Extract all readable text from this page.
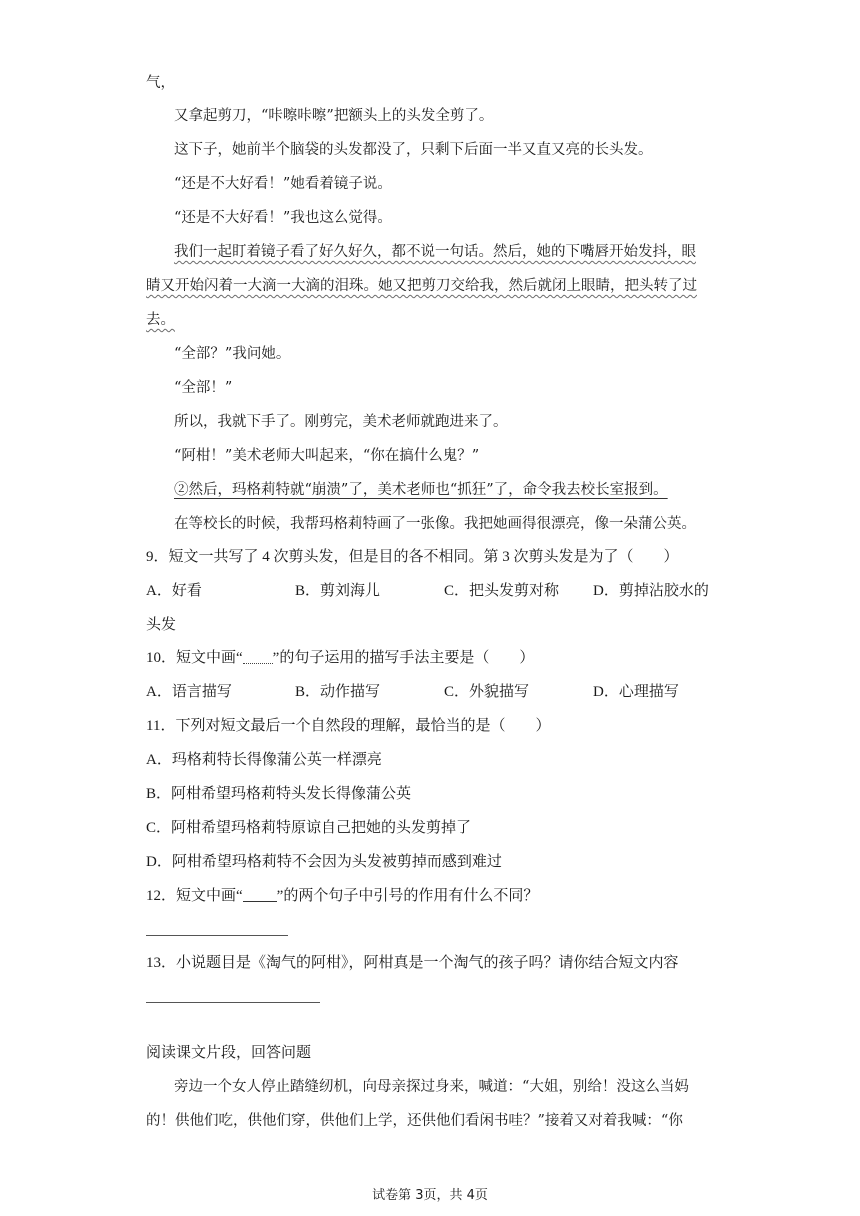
气，
又拿起剪刀，“咔嚓咔嚓”把额头上的头发全剪了。
这下子，她前半个脑袋的头发都没了，只剩下后面一半又直又亮的长头发。
“还是不大好看！”她看着镜子说。
“还是不大好看！”我也这么觉得。
我们一起盯着镜子看了好久好久，都不说一句话。然后，她的下嘴唇开始发抖，眼
睛又开始闪着一大滴一大滴的泪珠。她又把剪刀交给我，然后就闭上眼睛，把头转了过
去。
“全部？”我问她。
“全部！”
所以，我就下手了。刚剪完，美术老师就跑进来了。
“阿柑！”美术老师大叫起来，“你在搞什么鬼？”
②然后，玛格莉特就“崩溃”了，美术老师也“抓狂”了，命令我去校长室报到。
在等校长的时候，我帮玛格莉特画了一张像。我把她画得很漂亮，像一朵蒲公英。
9．短文一共写了 4 次剪头发，但是目的各不相同。第 3 次剪头发是为了（　　）
A．好看	B．剪刘海儿	C．把头发剪对称 D．剪掉沾胶水的
头发
10．短文中画“ ”的句子运用的描写手法主要是（　　）
A．语言描写	B．动作描写	C．外貌描写	D．心理描写
11．下列对短文最后一个自然段的理解，最恰当的是（　　）
A．玛格莉特长得像蒲公英一样漂亮
B．阿柑希望玛格莉特头发长得像蒲公英
C．阿柑希望玛格莉特原谅自己把她的头发剪掉了
D．阿柑希望玛格莉特不会因为头发被剪掉而感到难过
12．短文中画“ ”的两个句子中引号的作用有什么不同？
13．小说题目是《淘气的阿柑》，阿柑真是一个淘气的孩子吗？请你结合短文内容
阅读课文片段，回答问题
旁边一个女人停止踏缝纫机，向母亲探过身来，喊道：“大姐，别给！没这么当妈
的！供他们吃，供他们穿，供他们上学，还供他们看闲书哇？”接着又对着我喊：“你
试卷第 3页，共 4页
